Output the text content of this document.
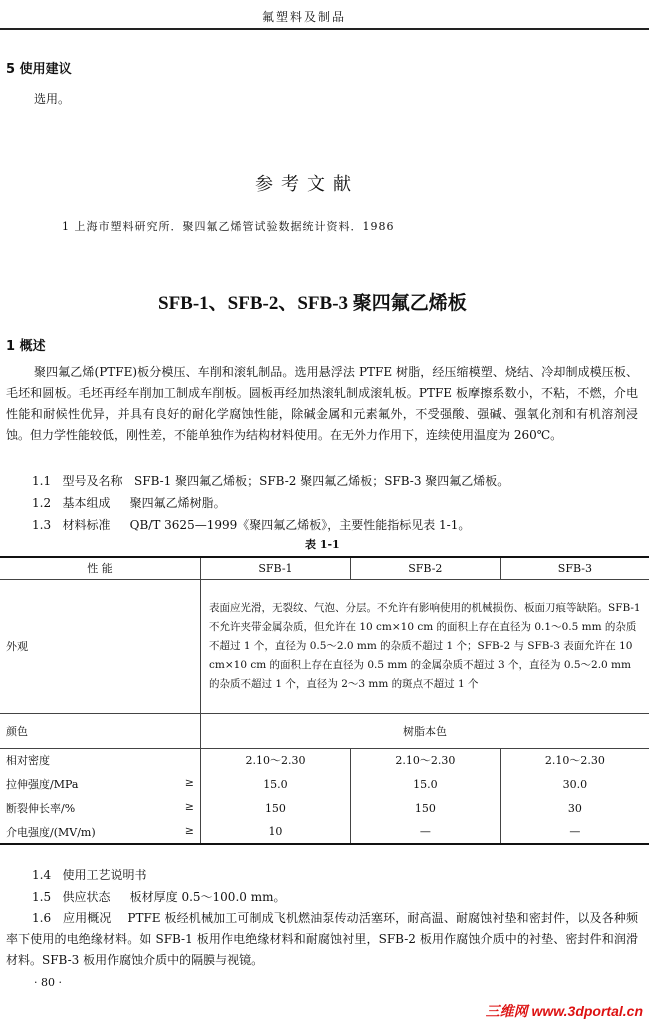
氟塑料及制品
5 使用建议
选用。
参考文献
1 上海市塑料研究所．聚四氟乙烯管试验数据统计资料．1986
SFB-1、SFB-2、SFB-3 聚四氟乙烯板
1 概述

聚四氟乙烯(PTFE)板分模压、车削和滚轧制品。选用悬浮法 PTFE 树脂，经压缩模塑、烧结、冷却制成模压板、毛坯和圆板。毛坯再经车削加工制成车削板。圆板再经加热滚轧制成滚轧板。PTFE 板摩擦系数小，不粘，不燃，介电性能和耐候性优异，并具有良好的耐化学腐蚀性能，除碱金属和元素氟外，不受强酸、强碱、强氧化剂和有机溶剂浸蚀。但力学性能较低，刚性差，不能单独作为结构材料使用。在无外力作用下，连续使用温度为 260℃。

1.1 型号及名称 SFB-1 聚四氟乙烯板；SFB-2 聚四氟乙烯板；SFB-3 聚四氟乙烯板。
1.2 基本组成 聚四氟乙烯树脂。
1.3 材料标准 QB/T 3625—1999《聚四氟乙烯板》，主要性能指标见表 1-1。
表 1-1
性 能	SFB-1	SFB-2	SFB-3
外观	表面应光滑，无裂纹、气泡、分层。不允许有影响使用的机械损伤、板面刀痕等缺陷。SFB-1 不允许夹带金属杂质，但允许在 10 cm×10 cm 的面积上存在直径为 0.1～0.5 mm 的杂质不超过 1 个，直径为 0.5～2.0 mm 的杂质不超过 1 个；SFB-2 与 SFB-3 表面允许在 10 cm×10 cm 的面积上存在直径为 0.5 mm 的金属杂质不超过 3 个，直径为 0.5～2.0 mm 的杂质不超过 1 个，直径为 2～3 mm 的斑点不超过 1 个		
颜色	树脂本色		
相对密度	2.10～2.30	2.10～2.30	2.10～2.30
拉伸强度/MPa ≥	15.0	15.0	30.0
断裂伸长率/% ≥	150	150	30
介电强度/(MV/m) ≥	10	—	—
1.4 使用工艺说明书
1.5 供应状态 板材厚度 0.5～100.0 mm。

1.6 应用概况 PTFE 板经机械加工可制成飞机燃油泵传动活塞环，耐高温、耐腐蚀衬垫和密封件，以及各种频率下使用的电绝缘材料。如 SFB-1 板用作电绝缘材料和耐腐蚀衬里，SFB-2 板用作腐蚀介质中的衬垫、密封件和润滑材料。SFB-3 板用作腐蚀介质中的隔膜与视镜。

· 80 ·
三维网 www.3dportal.cn
